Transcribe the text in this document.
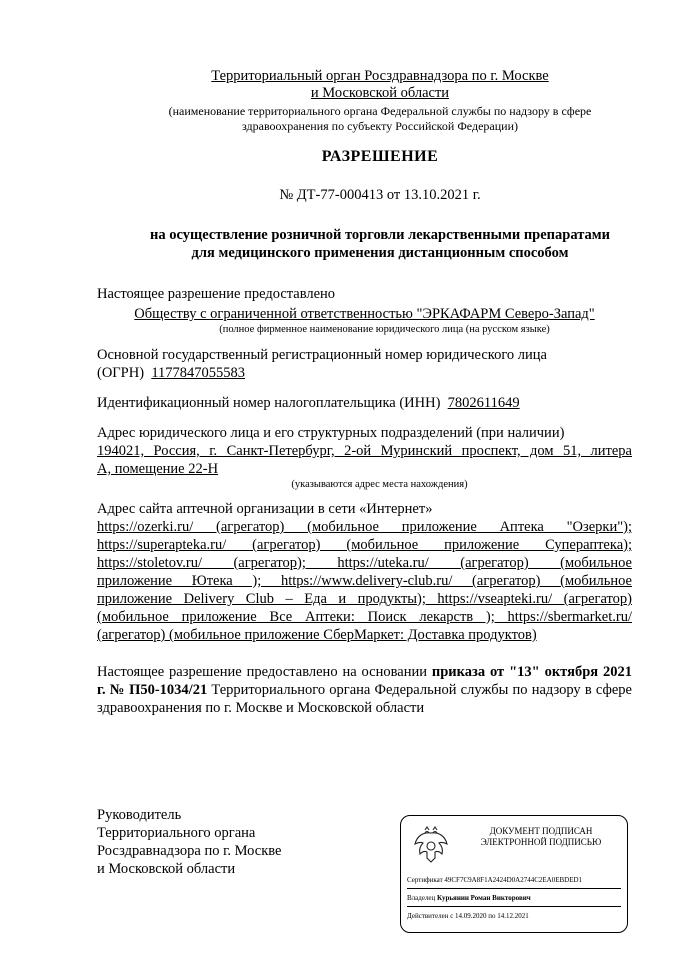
Территориальный орган Росздравнадзора по г. Москве
и Московской области
(наименование территориального органа Федеральной службы по надзору в сфере
здравоохранения по субъекту Российской Федерации)
РАЗРЕШЕНИЕ
№ ДТ-77-000413 от 13.10.2021 г.
на осуществление розничной торговли лекарственными препаратами
для медицинского применения дистанционным способом
Настоящее разрешение предоставлено
Обществу с ограниченной ответственностью "ЭРКАФАРМ Северо-Запад"
(полное фирменное наименование юридического лица (на русском языке)
Основной государственный регистрационный номер юридического лица
(ОГРН) 1177847055583
Идентификационный номер налогоплательщика (ИНН) 7802611649
Адрес юридического лица и его структурных подразделений (при наличии)
194021, Россия, г. Санкт-Петербург, 2-ой Муринский проспект, дом 51, литера
А, помещение 22-Н
(указываются адрес места нахождения)
Адрес сайта аптечной организации в сети «Интернет»
https://ozerki.ru/ (агрегатор) (мобильное приложение Аптека "Озерки");
https://superapteka.ru/ (агрегатор) (мобильное приложение Супераптека);
https://stoletov.ru/ (агрегатор); https://uteka.ru/ (агрегатор) (мобильное
приложение Ютека ); https://www.delivery-club.ru/ (агрегатор) (мобильное
приложение Delivery Club – Еда и продукты); https://vseapteki.ru/ (агрегатор)
(мобильное приложение Все Аптеки: Поиск лекарств ); https://sbermarket.ru/
(агрегатор) (мобильное приложение СберМаркет: Доставка продуктов)
Настоящее разрешение предоставлено на основании приказа от "13" октября 2021 г. № П50-1034/21 Территориального органа Федеральной службы по надзору в сфере здравоохранения по г. Москве и Московской области
Руководитель
Территориального органа
Росздравнадзора по г. Москве
и Московской области
ДОКУМЕНТ ПОДПИСАН
ЭЛЕКТРОННОЙ ПОДПИСЬЮ
Сертификат 49CF7C9A8F1A2424D0A2744C2EA0EBDED1
Владелец Курьянин Роман Викторович
Действителен с 14.09.2020 по 14.12.2021
